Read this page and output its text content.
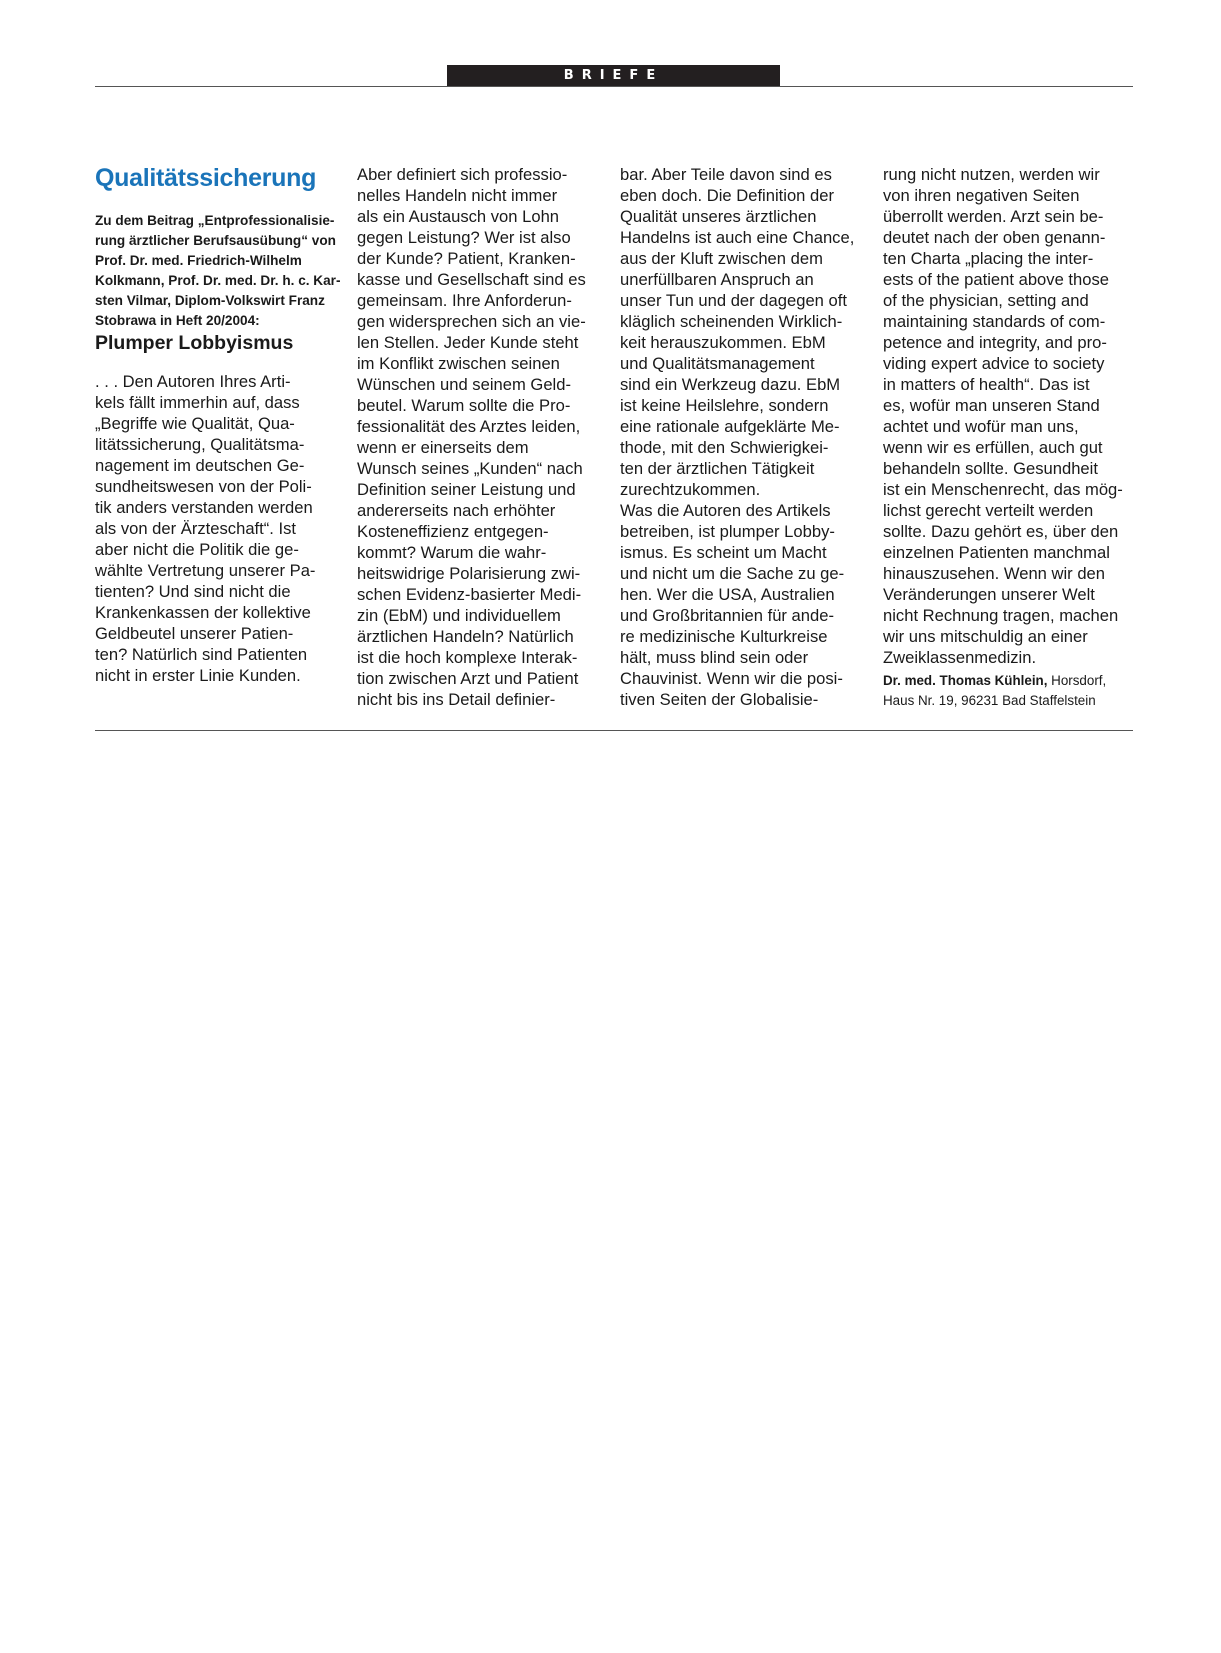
BRIEFE
Qualitätssicherung

Zu dem Beitrag „Entprofessionalisie-
rung ärztlicher Berufsausübung“ von
Prof. Dr. med. Friedrich-Wilhelm
Kolkmann, Prof. Dr. med. Dr. h. c. Kar-
sten Vilmar, Diplom-Volkswirt Franz
Stobrawa in Heft 20/2004:

Plumper Lobbyismus

. . . Den Autoren Ihres Arti-
kels fällt immerhin auf, dass
„Begriffe wie Qualität, Qua-
litätssicherung, Qualitätsma-
nagement im deutschen Ge-
sundheitswesen von der Poli-
tik anders verstanden werden
als von der Ärzteschaft“. Ist
aber nicht die Politik die ge-
wählte Vertretung unserer Pa-
tienten? Und sind nicht die
Krankenkassen der kollektive
Geldbeutel unserer Patien-
ten? Natürlich sind Patienten
nicht in erster Linie Kunden.

Aber definiert sich professio-
nelles Handeln nicht immer
als ein Austausch von Lohn
gegen Leistung? Wer ist also
der Kunde? Patient, Kranken-
kasse und Gesellschaft sind es
gemeinsam. Ihre Anforderun-
gen widersprechen sich an vie-
len Stellen. Jeder Kunde steht
im Konflikt zwischen seinen
Wünschen und seinem Geld-
beutel. Warum sollte die Pro-
fessionalität des Arztes leiden,
wenn er einerseits dem
Wunsch seines „Kunden“ nach
Definition seiner Leistung und
andererseits nach erhöhter
Kosteneffizienz entgegen-
kommt? Warum die wahr-
heitswidrige Polarisierung zwi-
schen Evidenz-basierter Medi-
zin (EbM) und individuellem
ärztlichen Handeln? Natürlich
ist die hoch komplexe Interak-
tion zwischen Arzt und Patient
nicht bis ins Detail definier-

bar. Aber Teile davon sind es
eben doch. Die Definition der
Qualität unseres ärztlichen
Handelns ist auch eine Chance,
aus der Kluft zwischen dem
unerfüllbaren Anspruch an
unser Tun und der dagegen oft
kläglich scheinenden Wirklich-
keit herauszukommen. EbM
und Qualitätsmanagement
sind ein Werkzeug dazu. EbM
ist keine Heilslehre, sondern
eine rationale aufgeklärte Me-
thode, mit den Schwierigkei-
ten der ärztlichen Tätigkeit
zurechtzukommen.
Was die Autoren des Artikels
betreiben, ist plumper Lobby-
ismus. Es scheint um Macht
und nicht um die Sache zu ge-
hen. Wer die USA, Australien
und Großbritannien für ande-
re medizinische Kulturkreise
hält, muss blind sein oder
Chauvinist. Wenn wir die posi-
tiven Seiten der Globalisie-

rung nicht nutzen, werden wir
von ihren negativen Seiten
überrollt werden. Arzt sein be-
deutet nach der oben genann-
ten Charta „placing the inter-
ests of the patient above those
of the physician, setting and
maintaining standards of com-
petence and integrity, and pro-
viding expert advice to society
in matters of health“. Das ist
es, wofür man unseren Stand
achtet und wofür man uns,
wenn wir es erfüllen, auch gut
behandeln sollte. Gesundheit
ist ein Menschenrecht, das mög-
lichst gerecht verteilt werden
sollte. Dazu gehört es, über den
einzelnen Patienten manchmal
hinauszusehen. Wenn wir den
Veränderungen unserer Welt
nicht Rechnung tragen, machen
wir uns mitschuldig an einer
Zweiklassenmedizin.

Dr. med. Thomas Kühlein, Horsdorf,
Haus Nr. 19, 96231 Bad Staffelstein
